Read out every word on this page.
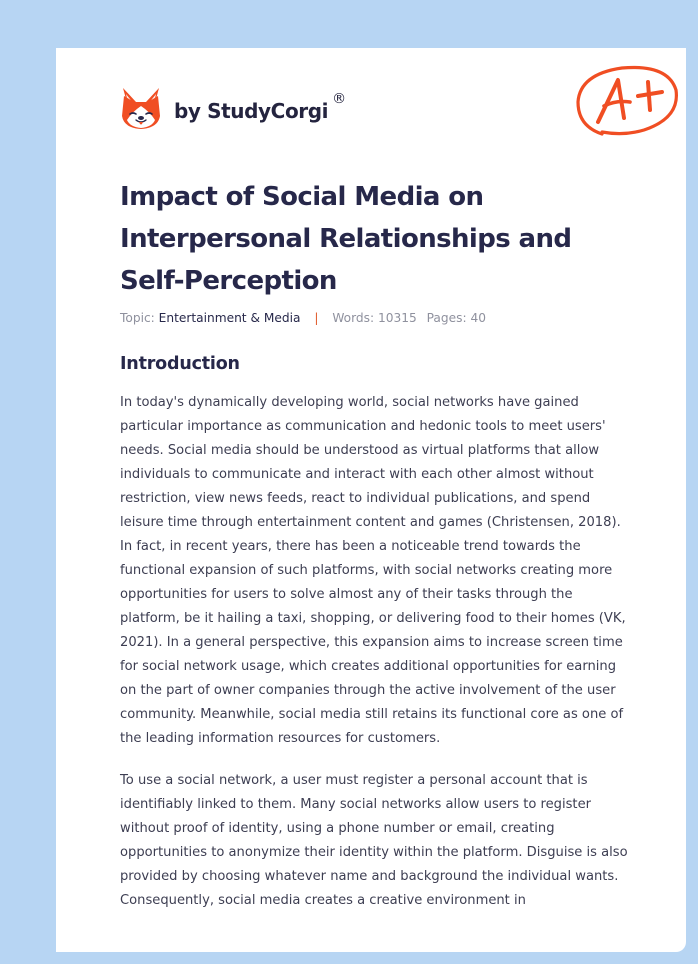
by StudyCorgi ®
Impact of Social Media on Interpersonal Relationships and Self-Perception
Topic: Entertainment & Media | Words: 10315 Pages: 40
Introduction

In today's dynamically developing world, social networks have gained particular importance as communication and hedonic tools to meet users' needs. Social media should be understood as virtual platforms that allow individuals to communicate and interact with each other almost without restriction, view news feeds, react to individual publications, and spend leisure time through entertainment content and games (Christensen, 2018). In fact, in recent years, there has been a noticeable trend towards the functional expansion of such platforms, with social networks creating more opportunities for users to solve almost any of their tasks through the platform, be it hailing a taxi, shopping, or delivering food to their homes (VK, 2021). In a general perspective, this expansion aims to increase screen time for social network usage, which creates additional opportunities for earning on the part of owner companies through the active involvement of the user community. Meanwhile, social media still retains its functional core as one of the leading information resources for customers.

To use a social network, a user must register a personal account that is identifiably linked to them. Many social networks allow users to register without proof of identity, using a phone number or email, creating opportunities to anonymize their identity within the platform. Disguise is also provided by choosing whatever name and background the individual wants. Consequently, social media creates a creative environment in
